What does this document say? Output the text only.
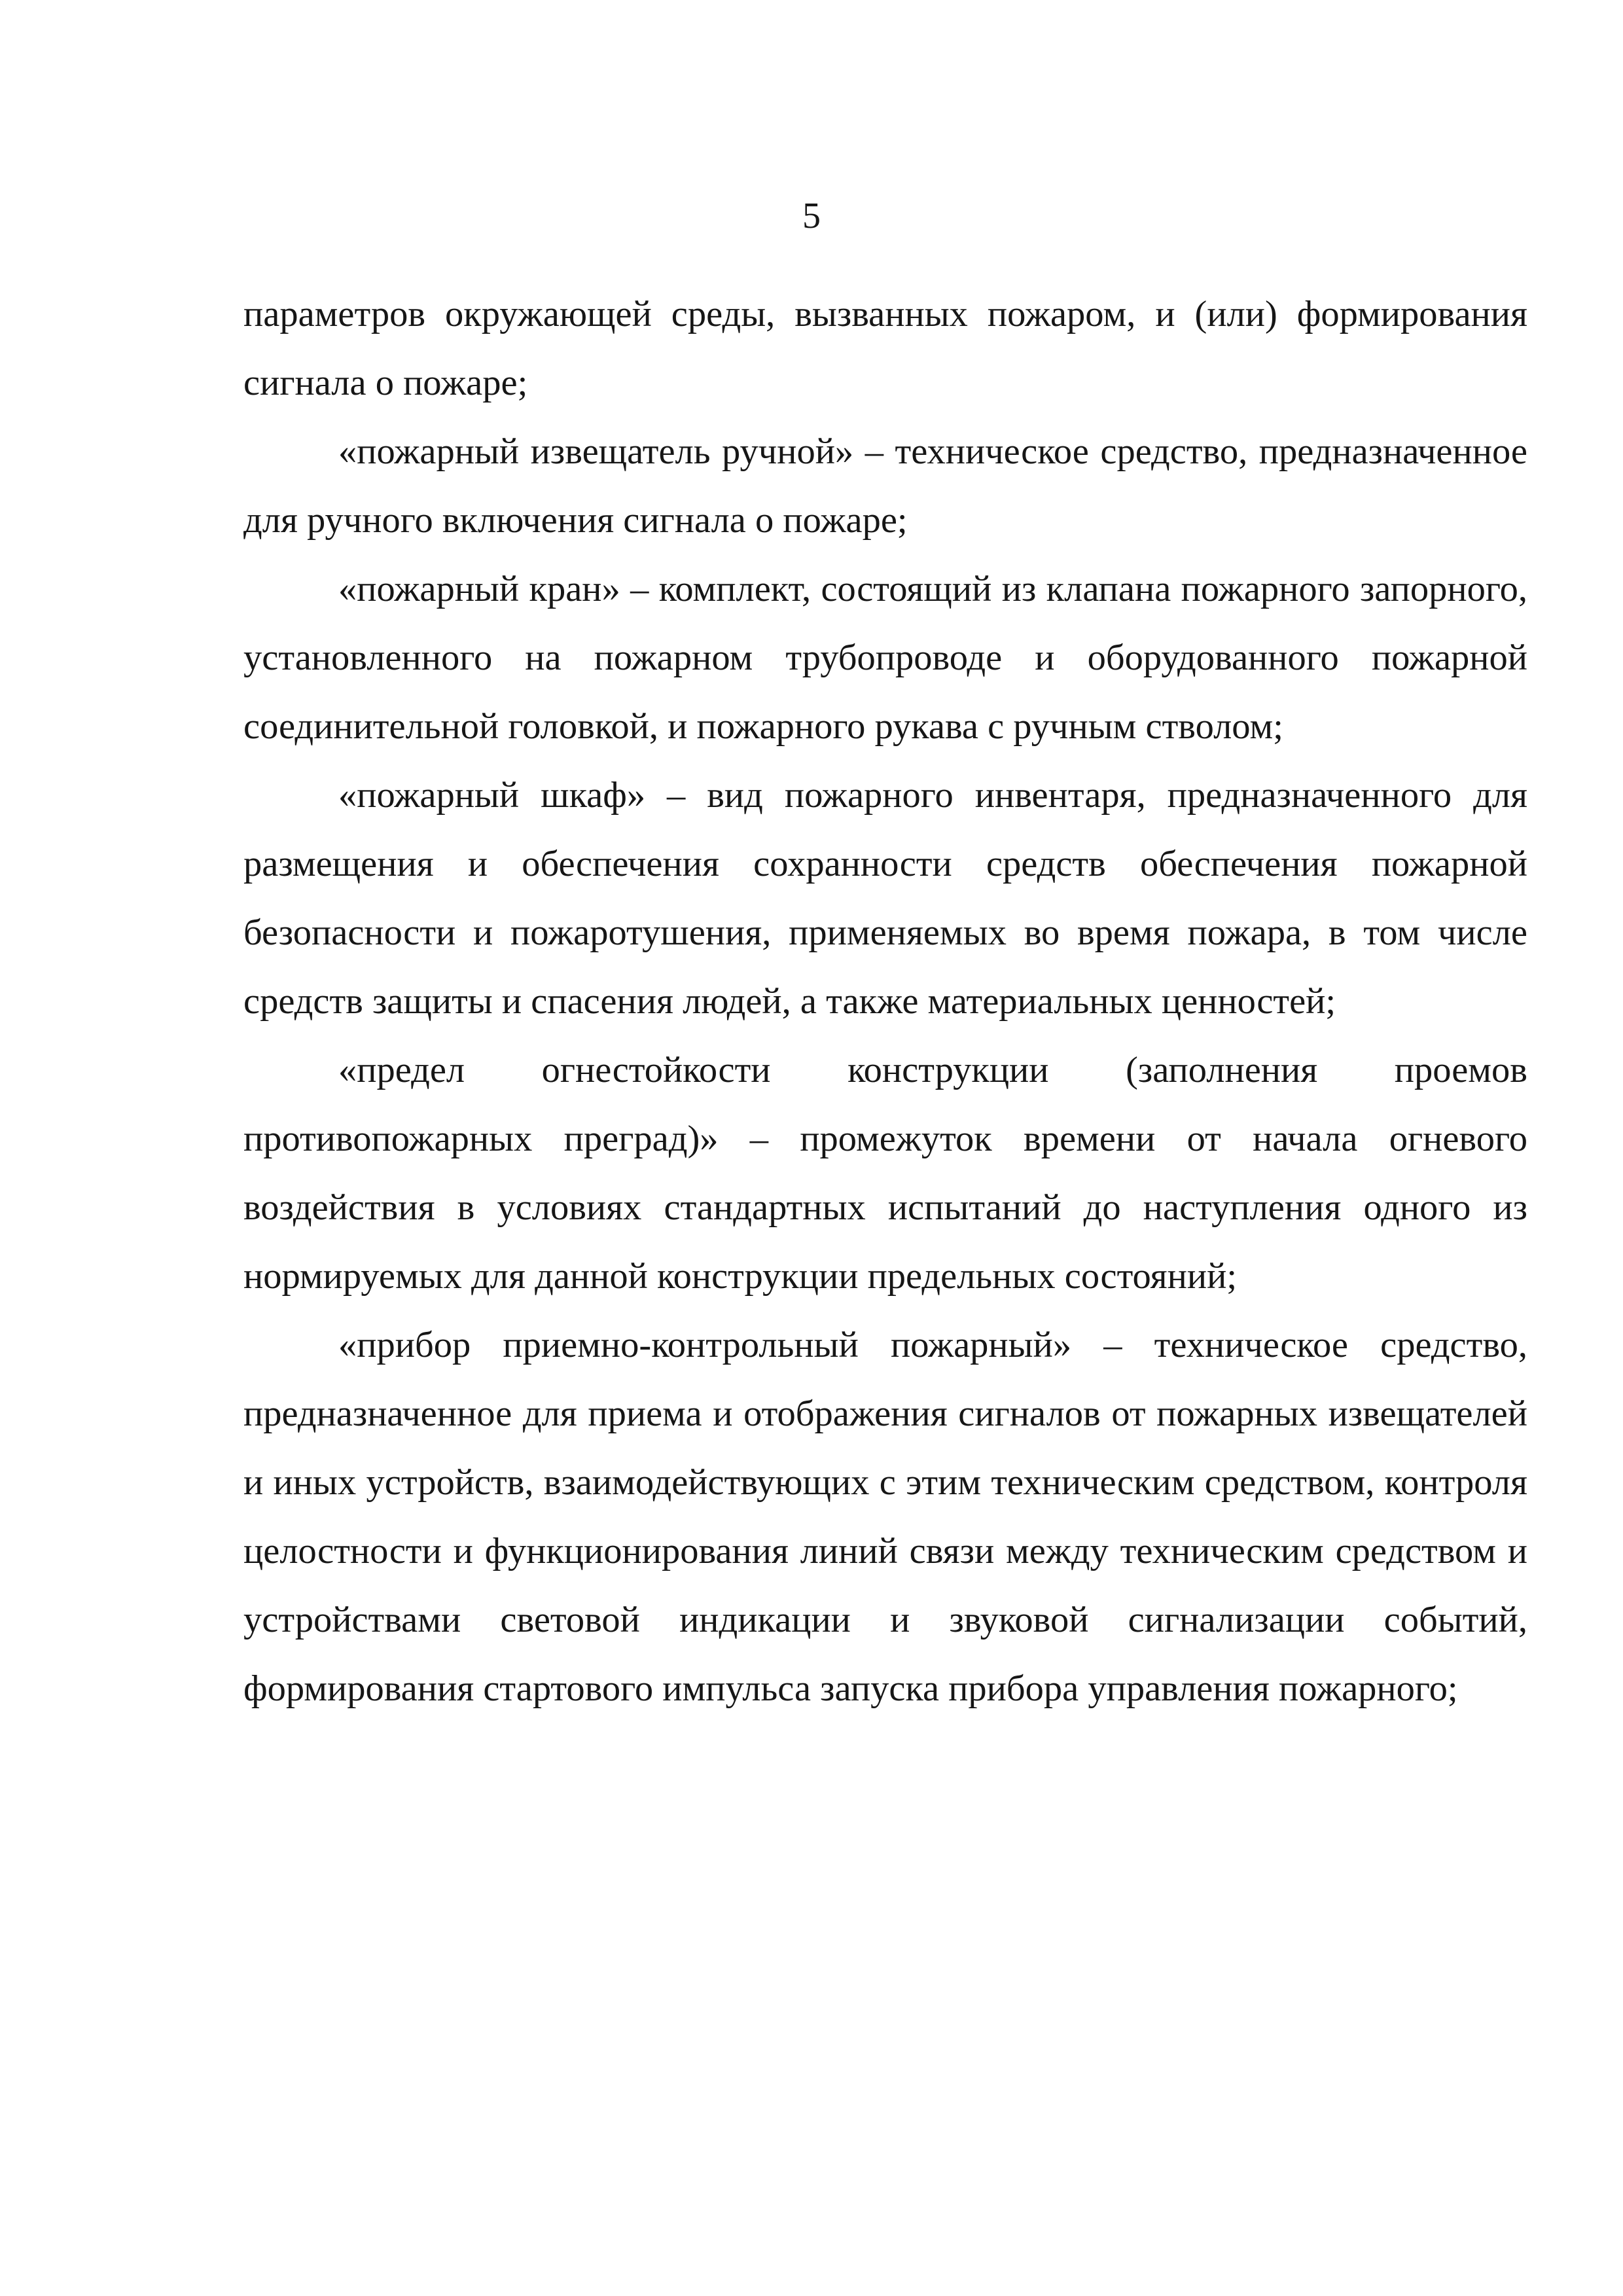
5

параметров окружающей среды, вызванных пожаром, и (или) формирования сигнала о пожаре;

«пожарный извещатель ручной» – техническое средство, предназначенное для ручного включения сигнала о пожаре;

«пожарный кран» – комплект, состоящий из клапана пожарного запорного, установленного на пожарном трубопроводе и оборудованного пожарной соединительной головкой, и пожарного рукава с ручным стволом;

«пожарный шкаф» – вид пожарного инвентаря, предназначенного для размещения и обеспечения сохранности средств обеспечения пожарной безопасности и пожаротушения, применяемых во время пожара, в том числе средств защиты и спасения людей, а также материальных ценностей;

«предел огнестойкости конструкции (заполнения проемов противопожарных преград)» – промежуток времени от начала огневого воздействия в условиях стандартных испытаний до наступления одного из нормируемых для данной конструкции предельных состояний;

«прибор приемно-контрольный пожарный» – техническое средство, предназначенное для приема и отображения сигналов от пожарных извещателей и иных устройств, взаимодействующих с этим техническим средством, контроля целостности и функционирования линий связи между техническим средством и устройствами световой индикации и звуковой сигнализации событий, формирования стартового импульса запуска прибора управления пожарного;
